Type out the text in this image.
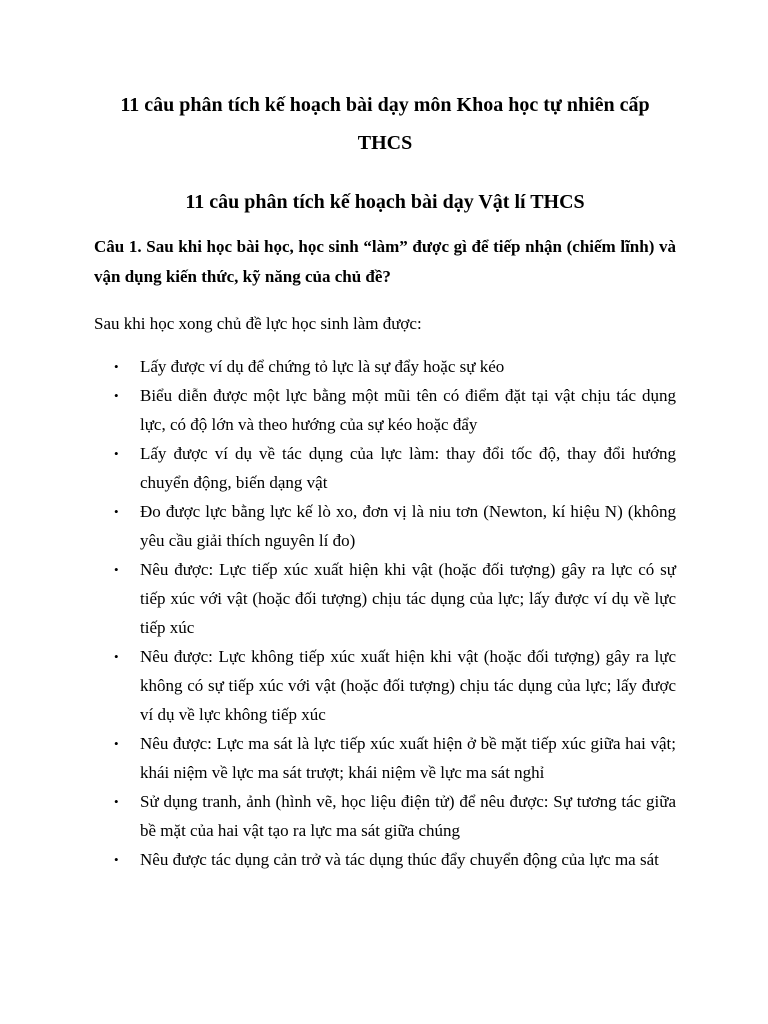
11 câu phân tích kế hoạch bài dạy môn Khoa học tự nhiên cấp THCS
11 câu phân tích kế hoạch bài dạy Vật lí THCS

Câu 1. Sau khi học bài học, học sinh “làm” được gì để tiếp nhận (chiếm lĩnh) và vận dụng kiến thức, kỹ năng của chủ đề?

Sau khi học xong chủ đề lực học sinh làm được:

• Lấy được ví dụ để chứng tỏ lực là sự đẩy hoặc sự kéo
• Biểu diễn được một lực bằng một mũi tên có điểm đặt tại vật chịu tác dụng lực, có độ lớn và theo hướng của sự kéo hoặc đẩy
• Lấy được ví dụ về tác dụng của lực làm: thay đổi tốc độ, thay đổi hướng chuyển động, biến dạng vật
• Đo được lực bằng lực kế lò xo, đơn vị là niu tơn (Newton, kí hiệu N) (không yêu cầu giải thích nguyên lí đo)
• Nêu được: Lực tiếp xúc xuất hiện khi vật (hoặc đối tượng) gây ra lực có sự tiếp xúc với vật (hoặc đối tượng) chịu tác dụng của lực; lấy được ví dụ về lực tiếp xúc
• Nêu được: Lực không tiếp xúc xuất hiện khi vật (hoặc đối tượng) gây ra lực không có sự tiếp xúc với vật (hoặc đối tượng) chịu tác dụng của lực; lấy được ví dụ về lực không tiếp xúc
• Nêu được: Lực ma sát là lực tiếp xúc xuất hiện ở bề mặt tiếp xúc giữa hai vật; khái niệm về lực ma sát trượt; khái niệm về lực ma sát nghỉ
• Sử dụng tranh, ảnh (hình vẽ, học liệu điện tử) để nêu được: Sự tương tác giữa bề mặt của hai vật tạo ra lực ma sát giữa chúng
• Nêu được tác dụng cản trở và tác dụng thúc đẩy chuyển động của lực ma sát
